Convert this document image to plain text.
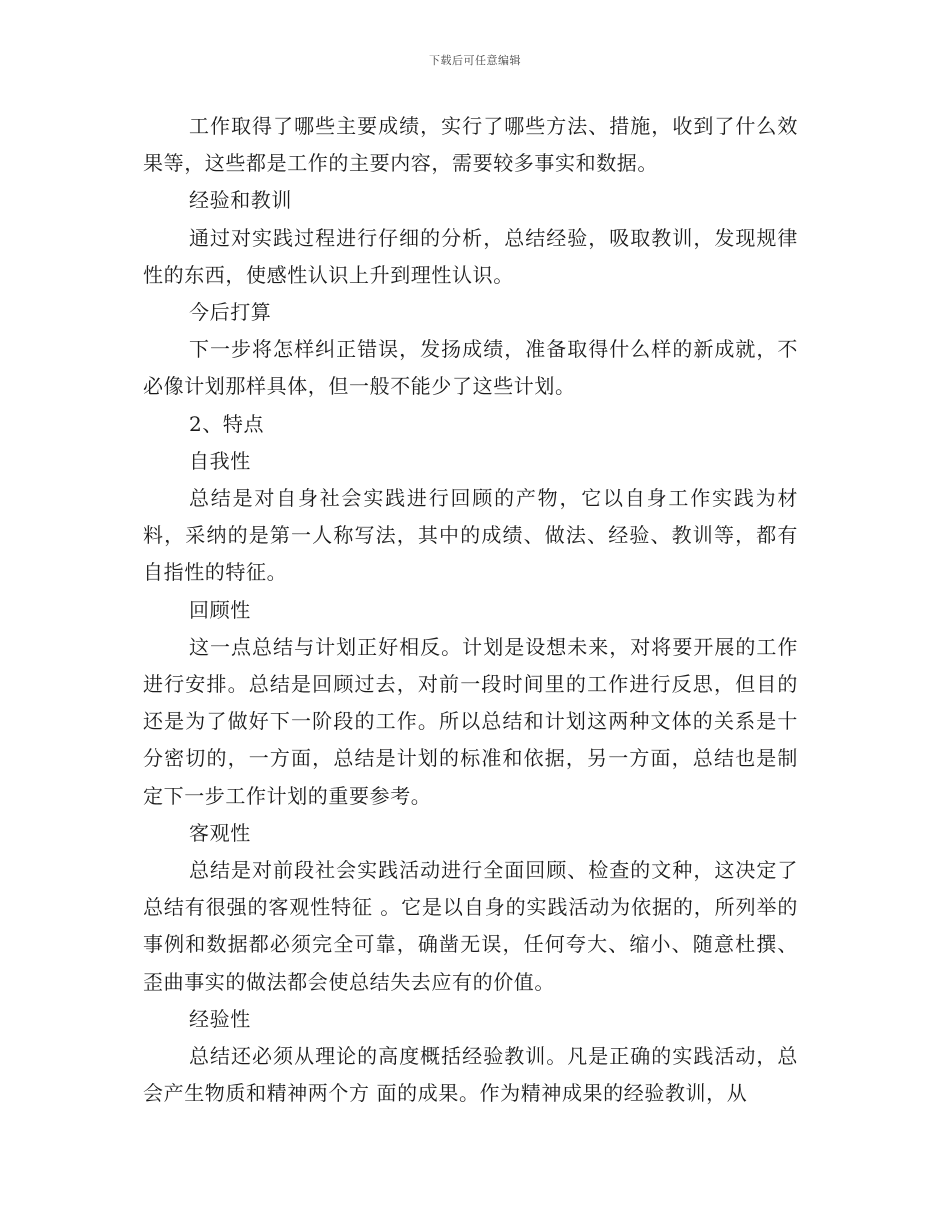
下载后可任意编辑

工作取得了哪些主要成绩，实行了哪些方法、措施，收到了什么效果等，这些都是工作的主要内容，需要较多事实和数据。

经验和教训

通过对实践过程进行仔细的分析，总结经验，吸取教训，发现规律性的东西，使感性认识上升到理性认识。

今后打算

下一步将怎样纠正错误，发扬成绩，准备取得什么样的新成就，不必像计划那样具体，但一般不能少了这些计划。

2、特点

自我性

总结是对自身社会实践进行回顾的产物，它以自身工作实践为材料，采纳的是第一人称写法，其中的成绩、做法、经验、教训等，都有自指性的特征。

回顾性

这一点总结与计划正好相反。计划是设想未来，对将要开展的工作进行安排。总结是回顾过去，对前一段时间里的工作进行反思，但目的还是为了做好下一阶段的工作。所以总结和计划这两种文体的关系是十分密切的，一方面，总结是计划的标准和依据，另一方面，总结也是制定下一步工作计划的重要参考。

客观性

总结是对前段社会实践活动进行全面回顾、检查的文种，这决定了总结有很强的客观性特征 。它是以自身的实践活动为依据的，所列举的事例和数据都必须完全可靠，确凿无误，任何夸大、缩小、随意杜撰、歪曲事实的做法都会使总结失去应有的价值。

经验性

总结还必须从理论的高度概括经验教训。凡是正确的实践活动，总会产生物质和精神两个方 面的成果。作为精神成果的经验教训，从
